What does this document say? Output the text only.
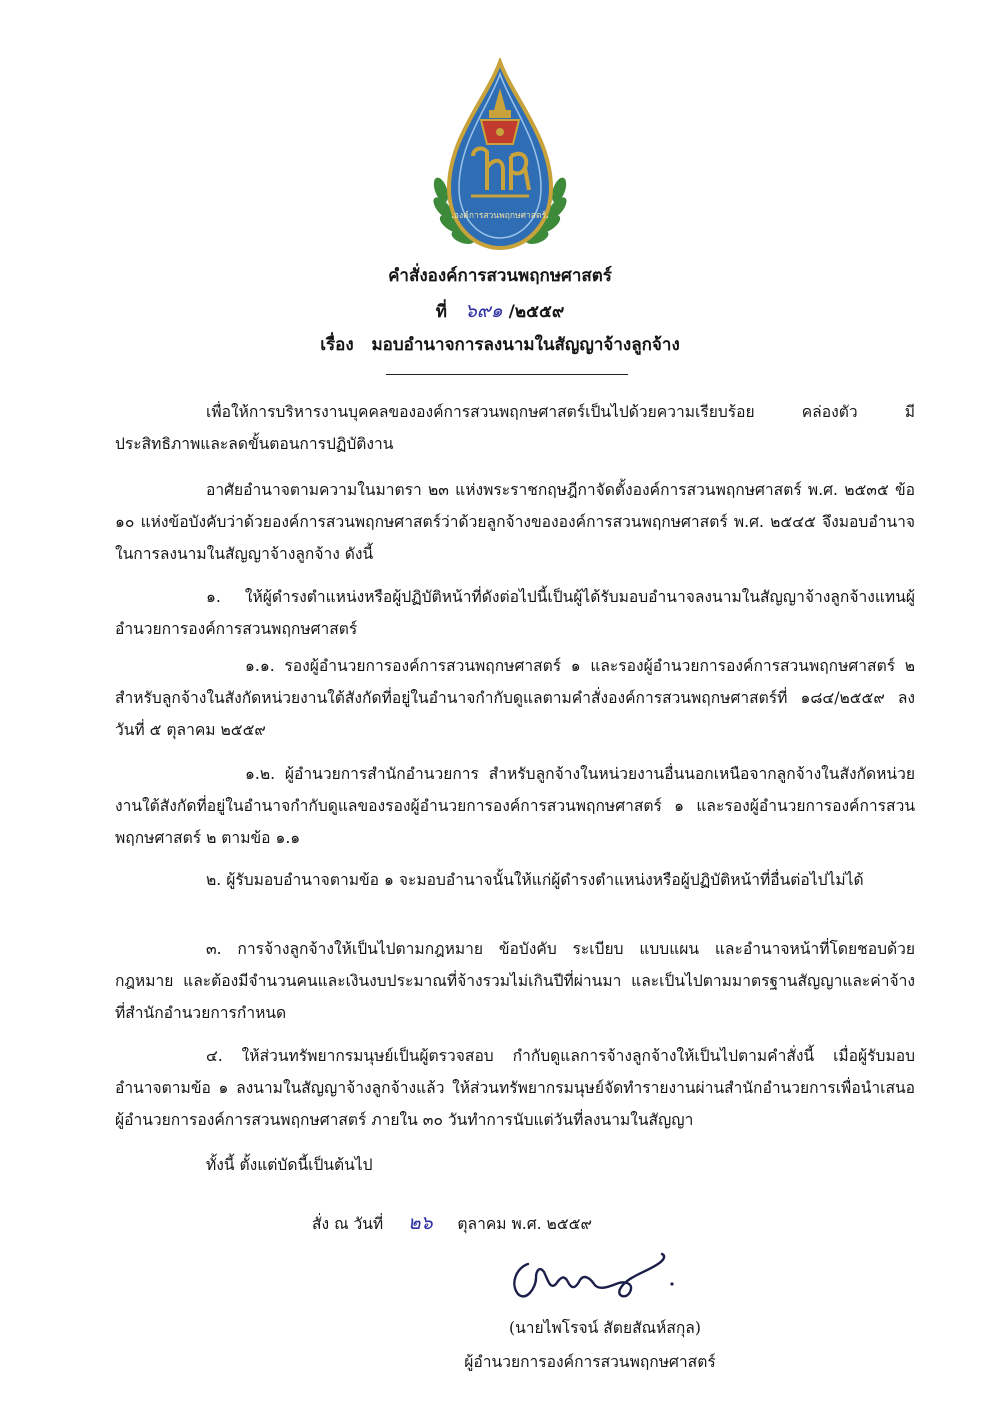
องค์การสวนพฤกษศาสตร์
คำสั่งองค์การสวนพฤกษศาสตร์
ที่ ๖๙๑ /๒๕๕๙
เรื่อง มอบอำนาจการลงนามในสัญญาจ้างลูกจ้าง
เพื่อให้การบริหารงานบุคคลขององค์การสวนพฤกษศาสตร์เป็นไปด้วยความเรียบร้อย คล่องตัว มีประสิทธิภาพและลดขั้นตอนการปฏิบัติงาน
อาศัยอำนาจตามความในมาตรา ๒๓ แห่งพระราชกฤษฎีกาจัดตั้งองค์การสวนพฤกษศาสตร์ พ.ศ. ๒๕๓๕ ข้อ ๑๐ แห่งข้อบังคับว่าด้วยองค์การสวนพฤกษศาสตร์ว่าด้วยลูกจ้างขององค์การสวนพฤกษศาสตร์ พ.ศ. ๒๕๔๕ จึงมอบอำนาจในการลงนามในสัญญาจ้างลูกจ้าง ดังนี้
๑. ให้ผู้ดำรงตำแหน่งหรือผู้ปฏิบัติหน้าที่ดังต่อไปนี้เป็นผู้ได้รับมอบอำนาจลงนามในสัญญาจ้างลูกจ้างแทนผู้อำนวยการองค์การสวนพฤกษศาสตร์
๑.๑. รองผู้อำนวยการองค์การสวนพฤกษศาสตร์ ๑ และรองผู้อำนวยการองค์การสวนพฤกษศาสตร์ ๒ สำหรับลูกจ้างในสังกัดหน่วยงานใต้สังกัดที่อยู่ในอำนาจกำกับดูแลตามคำสั่งองค์การสวนพฤกษศาสตร์ที่ ๑๘๔/๒๕๕๙ ลงวันที่ ๕ ตุลาคม ๒๕๕๙
๑.๒. ผู้อำนวยการสำนักอำนวยการ สำหรับลูกจ้างในหน่วยงานอื่นนอกเหนือจากลูกจ้างในสังกัดหน่วยงานใต้สังกัดที่อยู่ในอำนาจกำกับดูแลของรองผู้อำนวยการองค์การสวนพฤกษศาสตร์ ๑ และรองผู้อำนวยการองค์การสวนพฤกษศาสตร์ ๒ ตามข้อ ๑.๑
๒. ผู้รับมอบอำนาจตามข้อ ๑ จะมอบอำนาจนั้นให้แก่ผู้ดำรงตำแหน่งหรือผู้ปฏิบัติหน้าที่อื่นต่อไปไม่ได้
๓. การจ้างลูกจ้างให้เป็นไปตามกฎหมาย ข้อบังคับ ระเบียบ แบบแผน และอำนาจหน้าที่โดยชอบด้วยกฎหมาย และต้องมีจำนวนคนและเงินงบประมาณที่จ้างรวมไม่เกินปีที่ผ่านมา และเป็นไปตามมาตรฐานสัญญาและค่าจ้างที่สำนักอำนวยการกำหนด
๔. ให้ส่วนทรัพยากรมนุษย์เป็นผู้ตรวจสอบ กำกับดูแลการจ้างลูกจ้างให้เป็นไปตามคำสั่งนี้ เมื่อผู้รับมอบอำนาจตามข้อ ๑ ลงนามในสัญญาจ้างลูกจ้างแล้ว ให้ส่วนทรัพยากรมนุษย์จัดทำรายงานผ่านสำนักอำนวยการเพื่อนำเสนอผู้อำนวยการองค์การสวนพฤกษศาสตร์ ภายใน ๓๐ วันทำการนับแต่วันที่ลงนามในสัญญา
ทั้งนี้ ตั้งแต่บัดนี้เป็นต้นไป
สั่ง ณ วันที่ ๒๖ ตุลาคม พ.ศ. ๒๕๕๙
(นายไพโรจน์ สัตยสัณห์สกุล)
ผู้อำนวยการองค์การสวนพฤกษศาสตร์
